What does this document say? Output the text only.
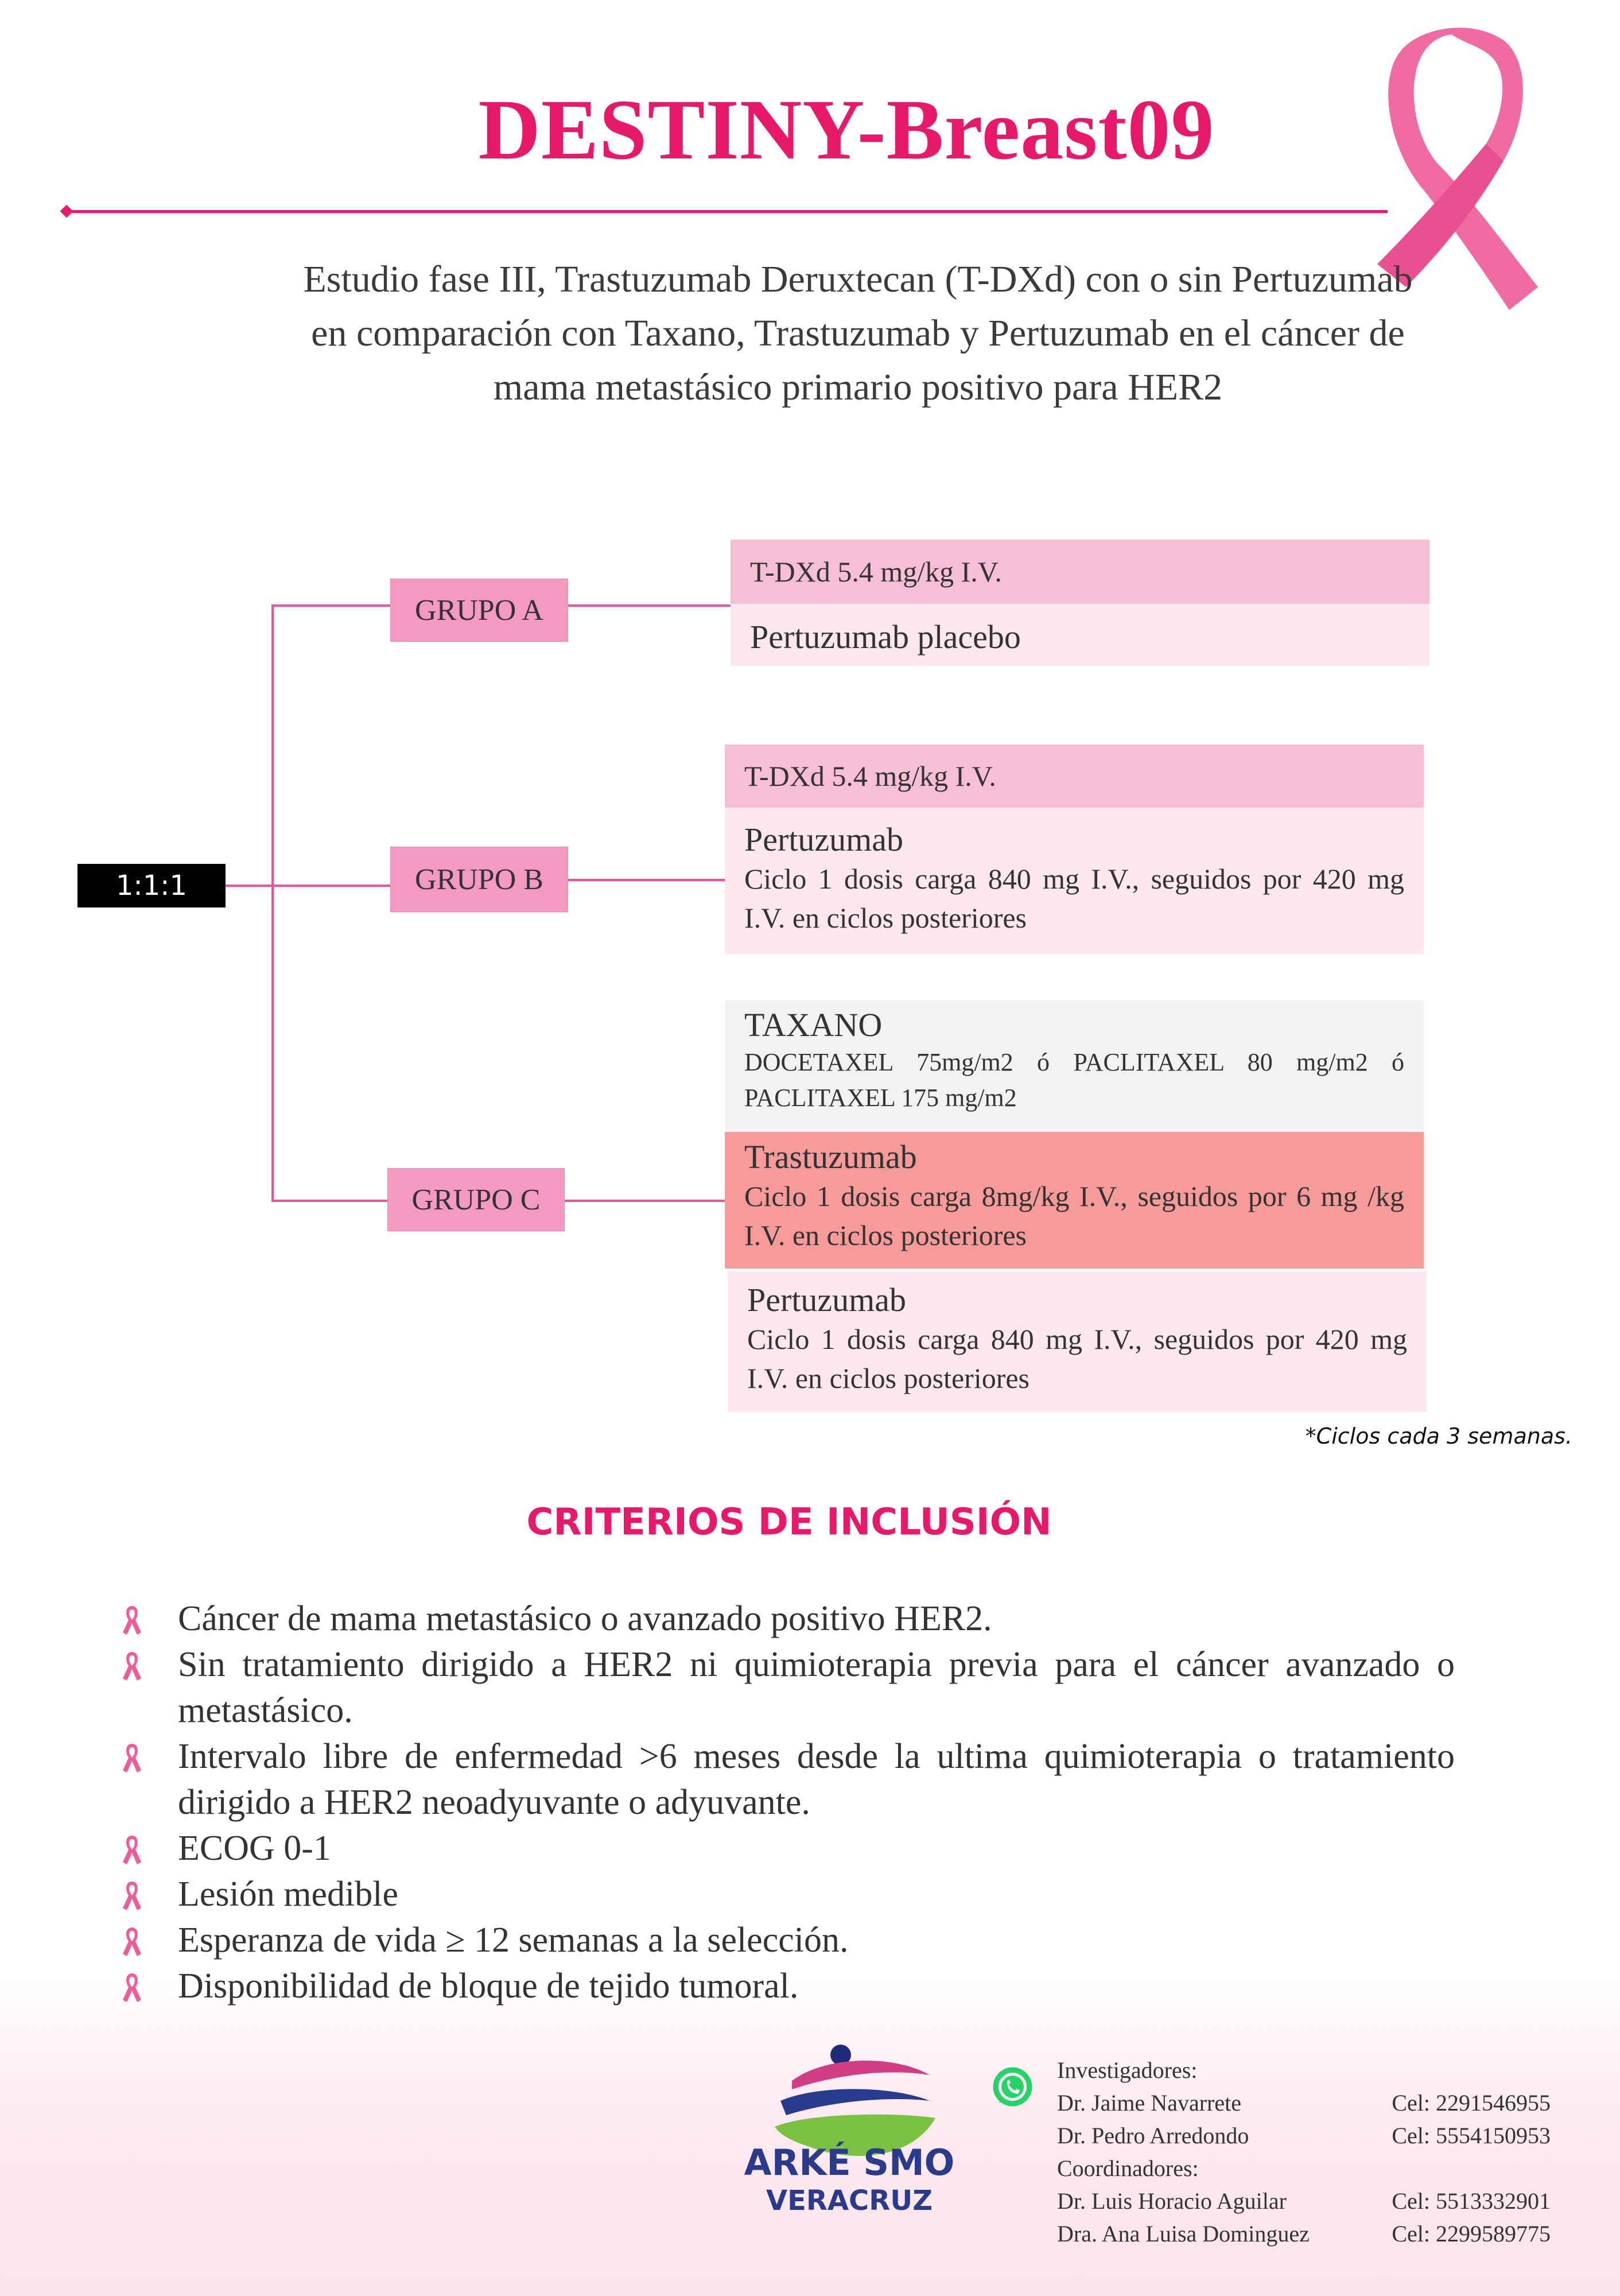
DESTINY-Breast09
Estudio fase III, Trastuzumab Deruxtecan (T-DXd) con o sin Pertuzumab
en comparación con Taxano, Trastuzumab y Pertuzumab en el cáncer de
mama metastásico primario positivo para HER2
1:1:1
GRUPO A
GRUPO B
GRUPO C
T-DXd 5.4 mg/kg I.V.
Pertuzumab placebo
T-DXd 5.4 mg/kg I.V.
Pertuzumab
Ciclo 1 dosis carga 840 mg I.V., seguidos por 420 mg I.V. en ciclos posteriores
TAXANO
DOCETAXEL 75mg/m2 ó PACLITAXEL 80 mg/m2 ó PACLITAXEL 175 mg/m2
Trastuzumab
Ciclo 1 dosis carga 8mg/kg I.V., seguidos por 6 mg /kg I.V. en ciclos posteriores
Pertuzumab
Ciclo 1 dosis carga 840 mg I.V., seguidos por 420 mg I.V. en ciclos posteriores
*Ciclos cada 3 semanas.
CRITERIOS DE INCLUSIÓN
Cáncer de mama metastásico o avanzado positivo HER2.
Sin tratamiento dirigido a HER2 ni quimioterapia previa para el cáncer avanzado o metastásico.
Intervalo libre de enfermedad >6 meses desde la ultima quimioterapia o tratamiento dirigido a HER2 neoadyuvante o adyuvante.
ECOG 0-1
Lesión medible
Esperanza de vida ≥ 12 semanas a la selección.
Disponibilidad de bloque de tejido tumoral.
ARKÉ SMO
VERACRUZ
Investigadores:
Dr. Jaime Navarrete	Cel: 2291546955
Dr. Pedro Arredondo	Cel: 5554150953
Coordinadores:
Dr. Luis Horacio Aguilar	Cel: 5513332901
Dra. Ana Luisa Dominguez	Cel: 2299589775
